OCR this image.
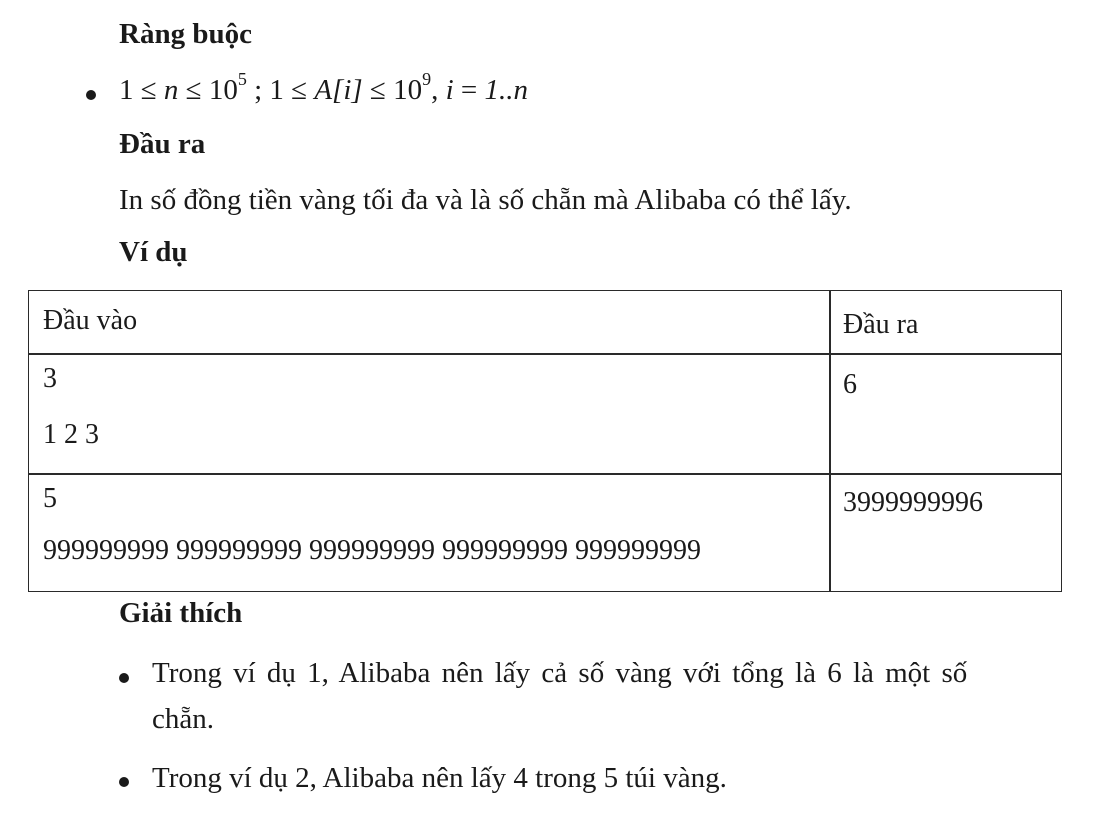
Ràng buộc
$1 \le n \le 10^5$ ; $1 \le A[i] \le 10^9$, i = 1..n
Đầu ra
In số đồng tiền vàng tối đa và là số chẵn mà Alibaba có thể lấy.
Ví dụ
Đầu vào	Đầu ra
3
1 2 3
6
5
999999999 999999999 999999999 999999999 999999999
3999999996
Giải thích
Trong ví dụ 1, Alibaba nên lấy cả số vàng với tổng là 6 là một số
chẵn.
Trong ví dụ 2, Alibaba nên lấy 4 trong 5 túi vàng.
